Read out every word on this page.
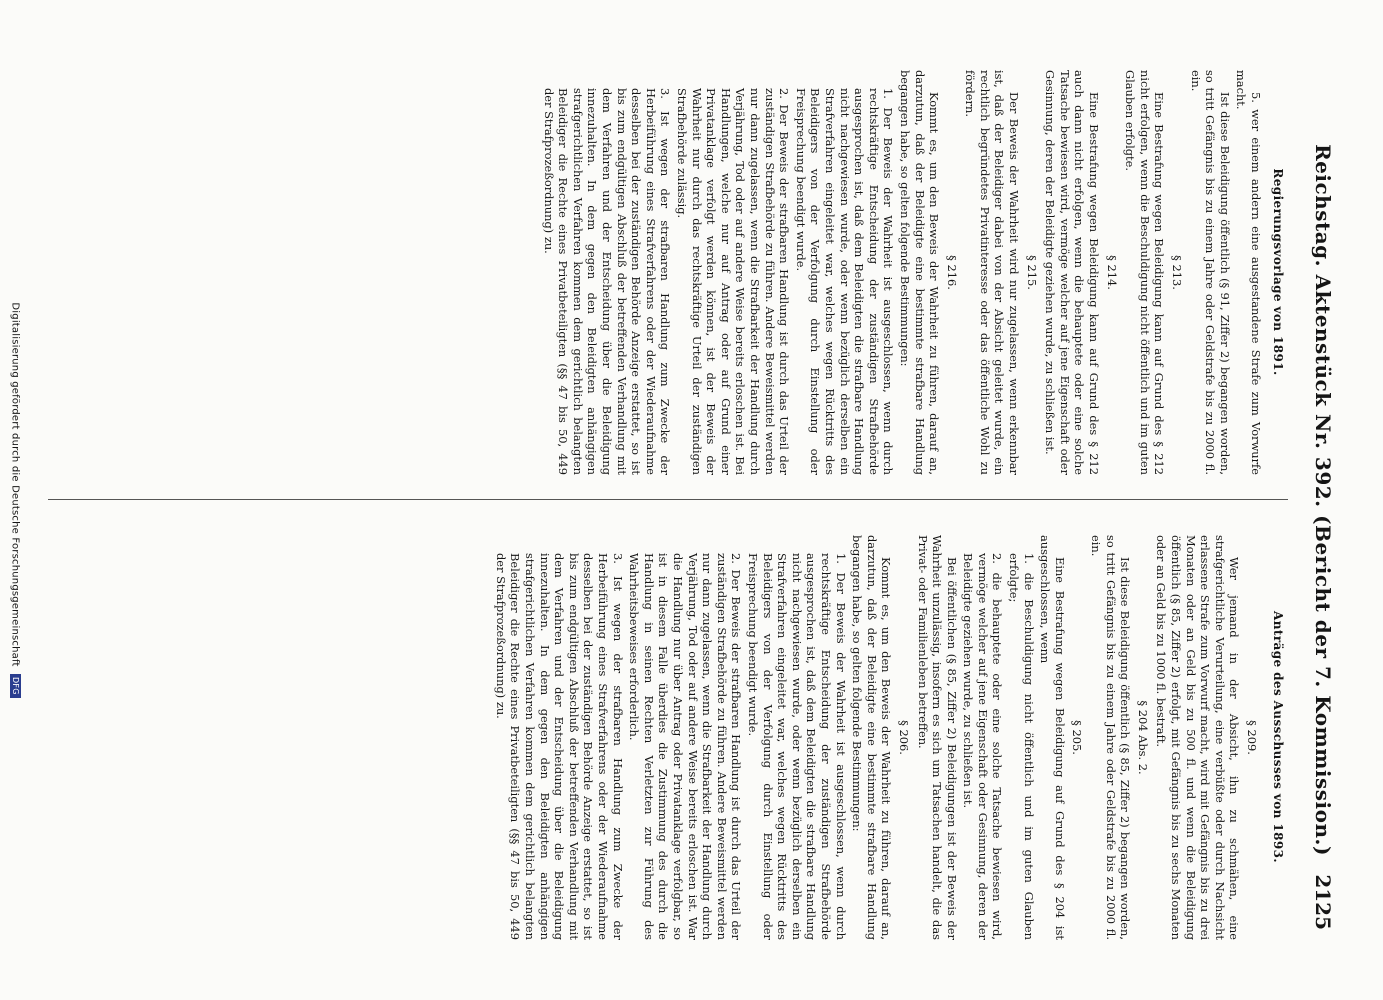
Reichstag. Aktenstück Nr. 392. (Bericht der 7. Kommission.)
2125
Regierungsvorlage von 1891.
Anträge des Ausschusses von 1893.

5. wer einem andern eine ausgestandene Strafe zum Vorwurfe macht.

Ist diese Beleidigung öffentlich (§ 91, Ziffer 2) begangen worden, so tritt Gefängnis bis zu einem Jahre oder Geldstrafe bis zu 2000 fl. ein.

§ 213.

Eine Bestrafung wegen Beleidigung kann auf Grund des § 212 nicht erfolgen, wenn die Beschuldigung nicht öffentlich und im guten Glauben erfolgte.

§ 214.

Eine Bestrafung wegen Beleidigung kann auf Grund des § 212 auch dann nicht erfolgen, wenn die behauptete oder eine solche Tatsache bewiesen wird, vermöge welcher auf jene Eigenschaft oder Gesinnung, deren der Beleidigte geziehen wurde, zu schließen ist.

§ 215.

Der Beweis der Wahrheit wird nur zugelassen, wenn erkennbar ist, daß der Beleidiger dabei von der Absicht geleitet wurde, ein rechtlich begründetes Privatinteresse oder das öffentliche Wohl zu fördern.

§ 216.

Kommt es, um den Beweis der Wahrheit zu führen, darauf an, darzutun, daß der Beleidigte eine bestimmte strafbare Handlung begangen habe, so gelten folgende Bestimmungen:

1. Der Beweis der Wahrheit ist ausgeschlossen, wenn durch rechtskräftige Entscheidung der zuständigen Strafbehörde ausgesprochen ist, daß dem Beleidigten die strafbare Handlung nicht nachgewiesen wurde, oder wenn bezüglich derselben ein Strafverfahren eingeleitet war, welches wegen Rücktritts des Beleidigers von der Verfolgung durch Einstellung oder Freisprechung beendigt wurde.

2. Der Beweis der strafbaren Handlung ist durch das Urteil der zuständigen Strafbehörde zu führen. Andere Beweismittel werden nur dann zugelassen, wenn die Strafbarkeit der Handlung durch Verjährung, Tod oder auf andere Weise bereits erloschen ist. Bei Handlungen, welche nur auf Antrag oder auf Grund einer Privatanklage verfolgt werden können, ist der Beweis der Wahrheit nur durch das rechtskräftige Urteil der zuständigen Strafbehörde zulässig.

3. Ist wegen der strafbaren Handlung zum Zwecke der Herbeiführung eines Strafverfahrens oder der Wiederaufnahme desselben bei der zuständigen Behörde Anzeige erstattet, so ist bis zum endgültigen Abschluß der betreffenden Verhandlung mit dem Verfahren und der Entscheidung über die Beleidigung innezuhalten. In dem gegen den Beleidigten anhängigen strafgerichtlichen Verfahren kommen dem gerichtlich belangten Beleidiger die Rechte eines Privatbeteiligten (§§ 47 bis 50, 449 der Strafprozeßordnung) zu.

§ 209.

Wer jemand in der Absicht, ihn zu schmähen, eine strafgerichtliche Verurteilung, eine verbüßte oder durch Nachsicht erlassene Strafe zum Vorwurf macht, wird mit Gefängnis bis zu drei Monaten oder an Geld bis zu 500 fl. und wenn die Beleidigung öffentlich (§ 85, Ziffer 2) erfolgt, mit Gefängnis bis zu sechs Monaten oder an Geld bis zu 1000 fl. bestraft.

§ 204 Abs. 2.

Ist diese Beleidigung öffentlich (§ 85, Ziffer 2) begangen worden, so tritt Gefängnis bis zu einem Jahre oder Geldstrafe bis zu 2000 fl. ein.

§ 205.

Eine Bestrafung wegen Beleidigung auf Grund des § 204 ist ausgeschlossen, wenn

1. die Beschuldigung nicht öffentlich und im guten Glauben erfolgte;

2. die behauptete oder eine solche Tatsache bewiesen wird, vermöge welcher auf jene Eigenschaft oder Gesinnung, deren der Beleidigte geziehen wurde, zu schließen ist.

Bei öffentlichen (§ 85, Ziffer 2) Beleidigungen ist der Beweis der Wahrheit unzulässig, insofern es sich um Tatsachen handelt, die das Privat- oder Familienleben betreffen.

§ 206.

Kommt es, um den Beweis der Wahrheit zu führen, darauf an, darzutun, daß der Beleidigte eine bestimmte strafbare Handlung begangen habe, so gelten folgende Bestimmungen:

1. Der Beweis der Wahrheit ist ausgeschlossen, wenn durch rechtskräftige Entscheidung der zuständigen Strafbehörde ausgesprochen ist, daß dem Beleidigten die strafbare Handlung nicht nachgewiesen wurde, oder wenn bezüglich derselben ein Strafverfahren eingeleitet war, welches wegen Rücktritts des Beleidigers von der Verfolgung durch Einstellung oder Freisprechung beendigt wurde.

2. Der Beweis der strafbaren Handlung ist durch das Urteil der zuständigen Strafbehörde zu führen. Andere Beweismittel werden nur dann zugelassen, wenn die Strafbarkeit der Handlung durch Verjährung, Tod oder auf andere Weise bereits erloschen ist. War die Handlung nur über Antrag oder Privatanklage verfolgbar, so ist in diesem Falle überdies die Zustimmung des durch die Handlung in seinen Rechten Verletzten zur Führung des Wahrheitsbeweises erforderlich.

3. Ist wegen der strafbaren Handlung zum Zwecke der Herbeiführung eines Strafverfahrens oder der Wiederaufnahme desselben bei der zuständigen Behörde Anzeige erstattet, so ist bis zum endgültigen Abschluß der betreffenden Verhandlung mit dem Verfahren und der Entscheidung über die Beleidigung innezuhalten. In dem gegen den Beleidigten anhängigen strafgerichtlichen Verfahren kommen dem gerichtlich belangten Beleidiger die Rechte eines Privatbeteiligten (§§ 47 bis 50, 449 der Strafprozeßordnung) zu.

Digitalisierung gefördert durch die Deutsche Forschungsgemeinschaft DFG
